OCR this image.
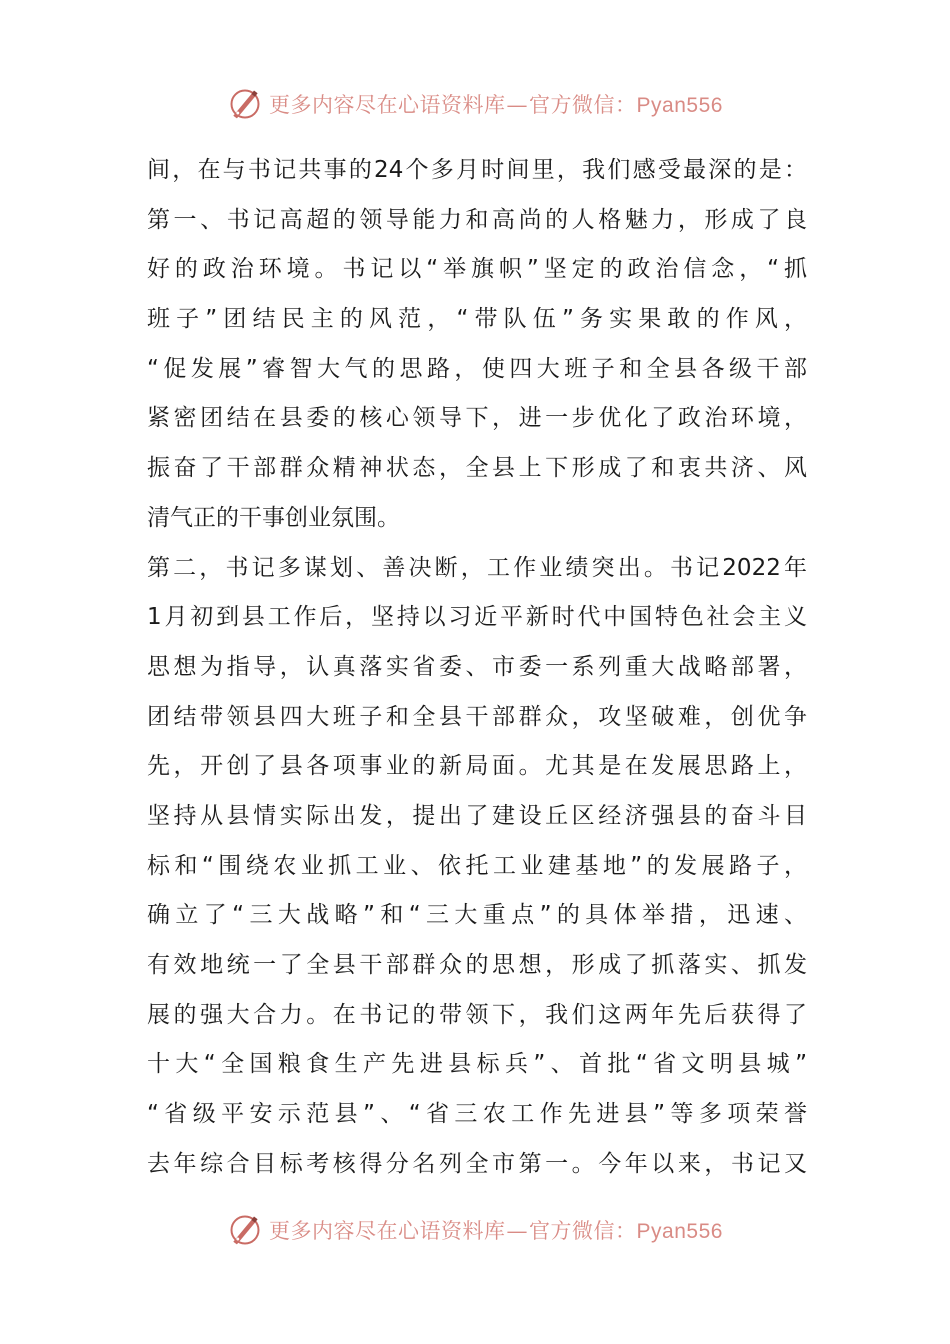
更多内容尽在心语资料库—官方微信：Pyan556
间，在与书记共事的24个多月时间里，我们感受最深的是：
第一、书记高超的领导能力和高尚的人格魅力，形成了良
好的政治环境。书记以“举旗帜”坚定的政治信念，“抓
班子”团结民主的风范，“带队伍”务实果敢的作风，
“促发展”睿智大气的思路，使四大班子和全县各级干部
紧密团结在县委的核心领导下，进一步优化了政治环境，
振奋了干部群众精神状态，全县上下形成了和衷共济、风
清气正的干事创业氛围。
第二，书记多谋划、善决断，工作业绩突出。书记2022年
1月初到县工作后，坚持以习近平新时代中国特色社会主义
思想为指导，认真落实省委、市委一系列重大战略部署，
团结带领县四大班子和全县干部群众，攻坚破难，创优争
先，开创了县各项事业的新局面。尤其是在发展思路上，
坚持从县情实际出发，提出了建设丘区经济强县的奋斗目
标和“围绕农业抓工业、依托工业建基地”的发展路子，
确立了“三大战略”和“三大重点”的具体举措，迅速、
有效地统一了全县干部群众的思想，形成了抓落实、抓发
展的强大合力。在书记的带领下，我们这两年先后获得了
十大“全国粮食生产先进县标兵”、首批“省文明县城”
“省级平安示范县”、“省三农工作先进县”等多项荣誉
去年综合目标考核得分名列全市第一。今年以来，书记又
更多内容尽在心语资料库—官方微信：Pyan556
